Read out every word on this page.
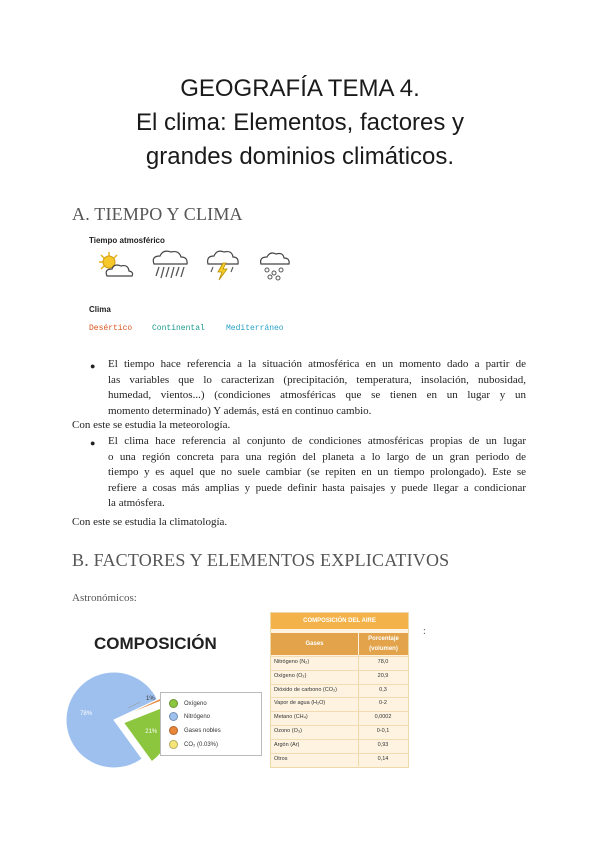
GEOGRAFÍA TEMA 4.
El clima: Elementos, factores y
grandes dominios climáticos.
A. TIEMPO Y CLIMA
Tiempo atmosférico
Clima
Desértico Continental	Mediterráneo
● El tiempo hace referencia a la situación atmosférica en un momento dado a partir de
las variables que lo caracterizan (precipitación, temperatura, insolación, nubosidad,
humedad, vientos...) (condiciones atmosféricas que se tienen en un lugar y un
momento determinado) Y además, está en continuo cambio.
Con este se estudia la meteorología.
● El clima hace referencia al conjunto de condiciones atmosféricas propias de un lugar
o una región concreta para una región del planeta a lo largo de un gran periodo de
tiempo y es aquel que no suele cambiar (se repiten en un tiempo prolongado). Este se
refiere a cosas más amplias y puede definir hasta paisajes y puede llegar a condicionar
la atmósfera.
Con este se estudia la climatología.
B. FACTORES Y ELEMENTOS EXPLICATIVOS
Astronómicos:
COMPOSICIÓN
21%
78%
1%
Oxígeno
Nitrógeno
Gases nobles
CO₂ (0.03%)
COMPOSICIÓN DEL AIRE
Gases
Porcentaje (volumen)
Nitrógeno (N₂)	78,0
Oxígeno (O₂)	20,9
Dióxido de carbono (CO₂)	0,3
Vapor de agua (H₂O)	0-2
Metano (CH₄)	0,0002
Ozono (O₃)	0-0,1
Argón (Ar)	0,93
Otros	0,14
:
